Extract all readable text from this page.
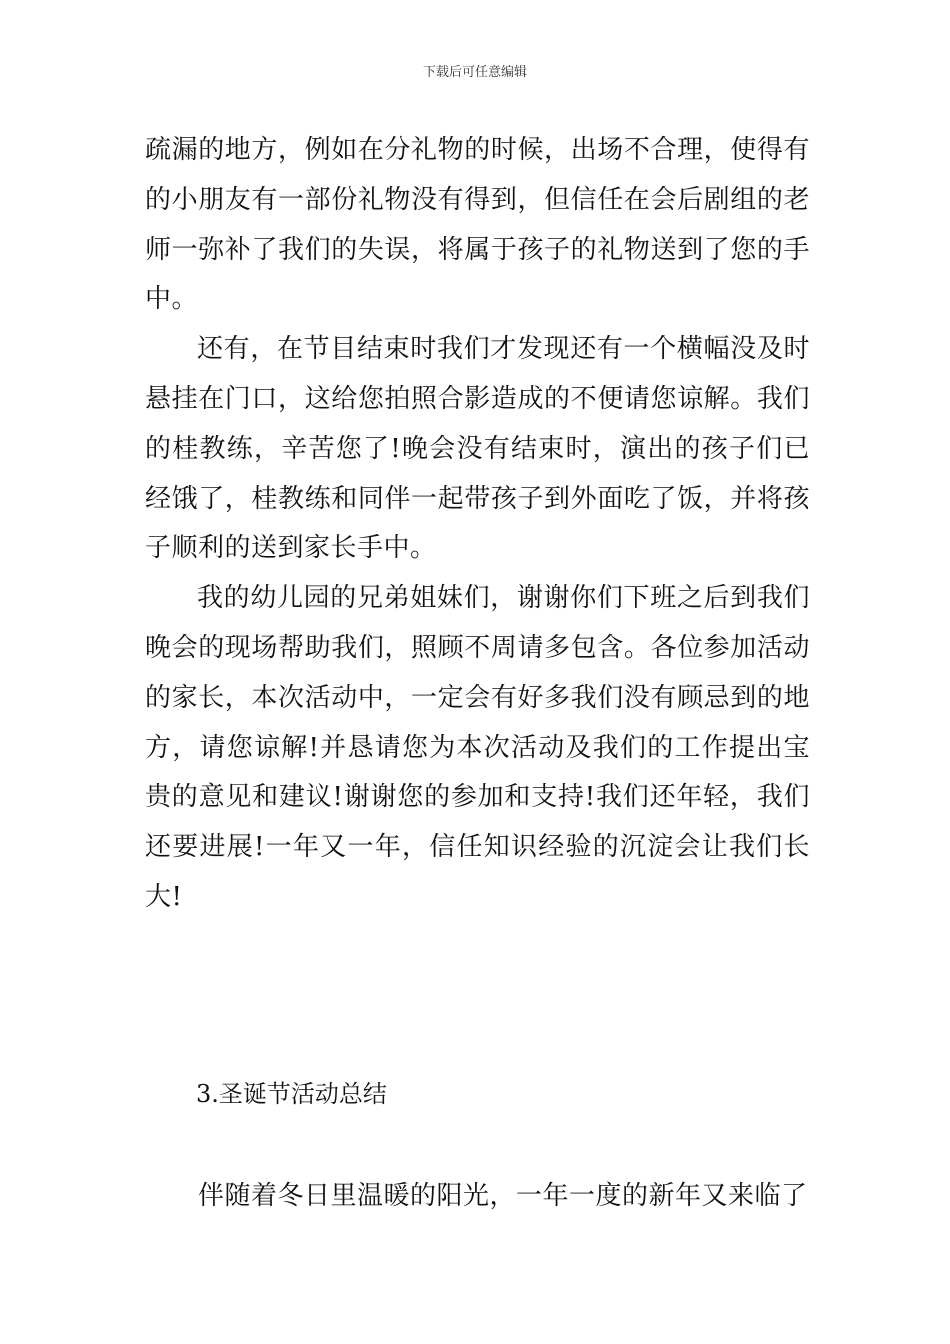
下载后可任意编辑

疏漏的地方，例如在分礼物的时候，出场不合理，使得有的小朋友有一部份礼物没有得到，但信任在会后剧组的老师一弥补了我们的失误，将属于孩子的礼物送到了您的手中。

还有，在节目结束时我们才发现还有一个横幅没及时悬挂在门口，这给您拍照合影造成的不便请您谅解。我们的桂教练，辛苦您了!晚会没有结束时，演出的孩子们已经饿了，桂教练和同伴一起带孩子到外面吃了饭，并将孩子顺利的送到家长手中。

我的幼儿园的兄弟姐妹们，谢谢你们下班之后到我们晚会的现场帮助我们，照顾不周请多包含。各位参加活动的家长，本次活动中，一定会有好多我们没有顾忌到的地方，请您谅解!并恳请您为本次活动及我们的工作提出宝贵的意见和建议!谢谢您的参加和支持!我们还年轻，我们还要进展!一年又一年，信任知识经验的沉淀会让我们长大!

3.圣诞节活动总结
伴随着冬日里温暖的阳光，一年一度的新年又来临了
